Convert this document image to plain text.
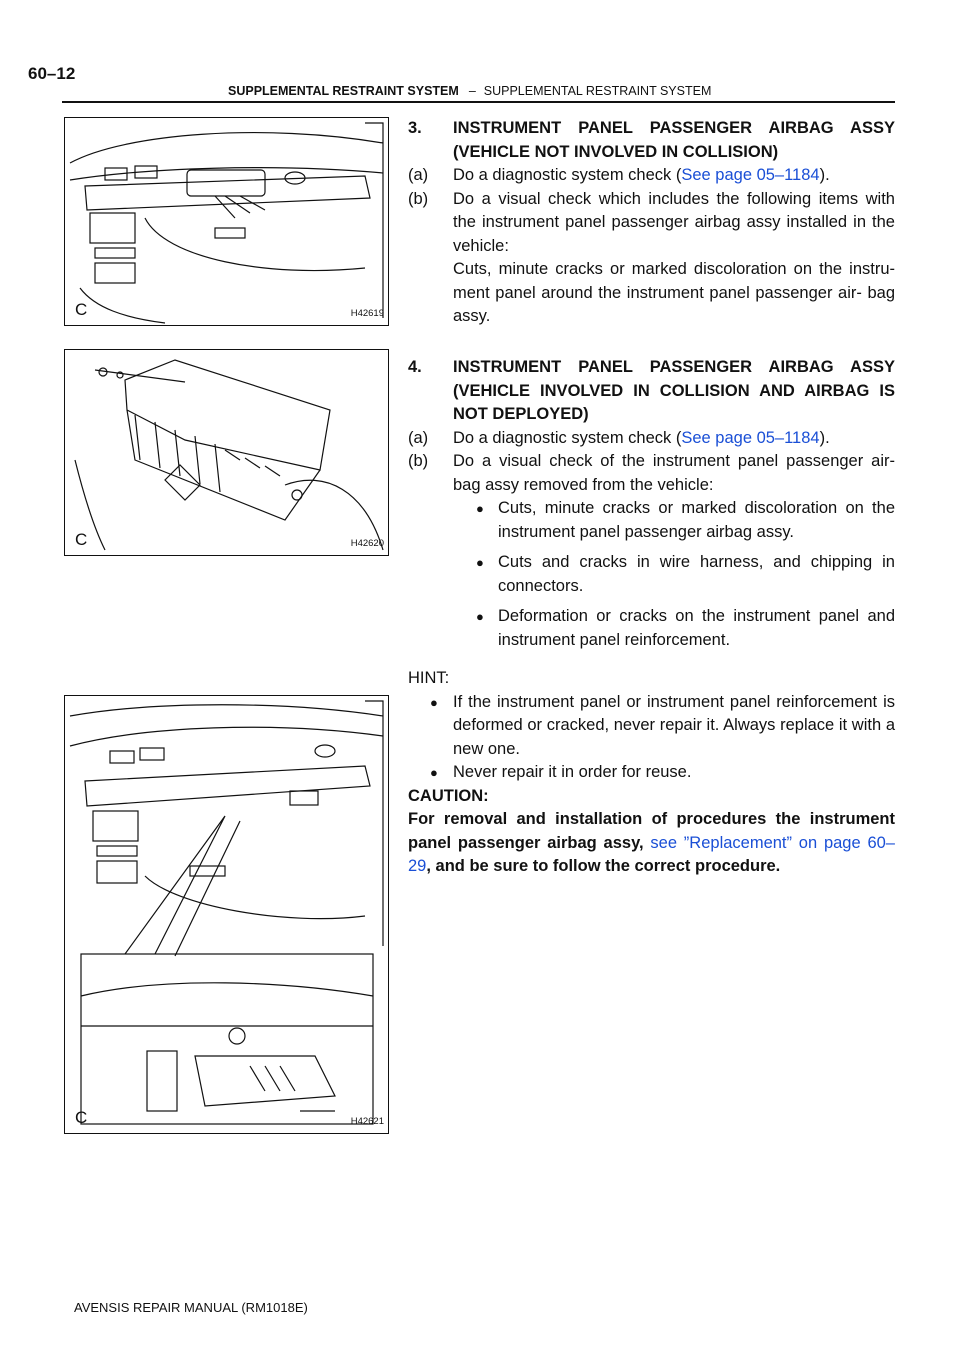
60–12
SUPPLEMENTAL RESTRAINT SYSTEM – SUPPLEMENTAL RESTRAINT SYSTEM
C	H42619
C	H42620
C	H42621
3.	INSTRUMENT PANEL PASSENGER AIRBAG ASSY (VEHICLE NOT INVOLVED IN COLLISION)
(a)	Do a diagnostic system check (See page 05–1184).
(b)	Do a visual check which includes the following items with the instrument panel passenger airbag assy installed in the vehicle:
Cuts, minute cracks or marked discoloration on the instru- ment panel around the instrument panel passenger air- bag assy.
4.	INSTRUMENT PANEL PASSENGER AIRBAG ASSY (VEHICLE INVOLVED IN COLLISION AND AIRBAG IS NOT DEPLOYED)
(a)	Do a diagnostic system check (See page 05–1184).
(b)	Do a visual check of the instrument panel passenger air- bag assy removed from the vehicle:
● Cuts, minute cracks or marked discoloration on the instrument panel passenger airbag assy.
● Cuts and cracks in wire harness, and chipping in connectors.
● Deformation or cracks on the instrument panel and instrument panel reinforcement.
HINT:
● If the instrument panel or instrument panel reinforcement is deformed or cracked, never repair it. Always replace it with a new one.
● Never repair it in order for reuse.
CAUTION:
For removal and installation of procedures the instrument panel passenger airbag assy, see ”Replacement” on page 60–29, and be sure to follow the correct procedure.
AVENSIS REPAIR MANUAL (RM1018E)
